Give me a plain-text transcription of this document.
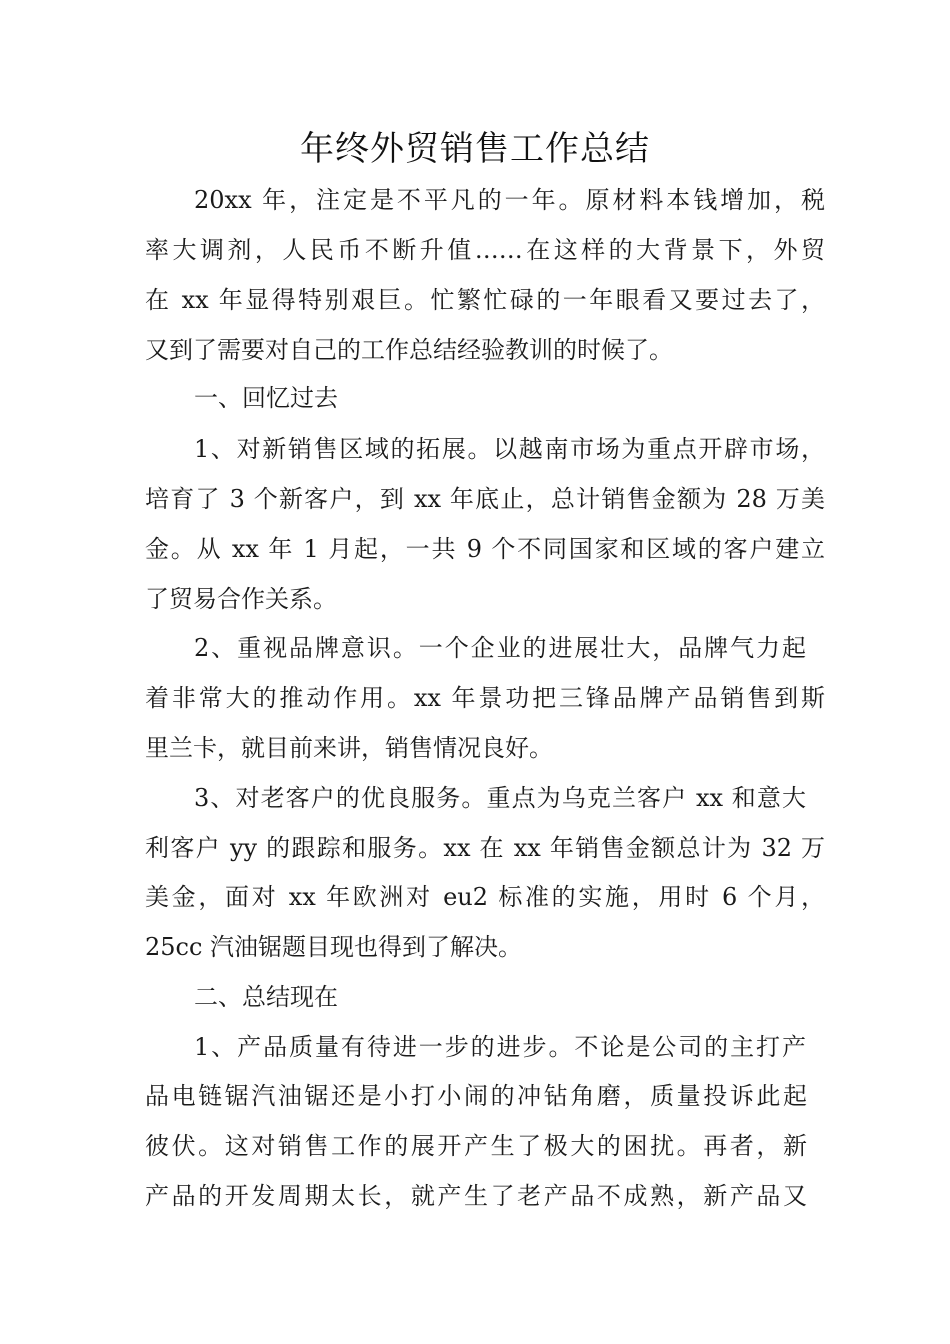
年终外贸销售工作总结
20xx 年，注定是不平凡的一年。原材料本钱增加，税
率大调剂，人民币不断升值……在这样的大背景下，外贸
在 xx 年显得特别艰巨。忙繁忙碌的一年眼看又要过去了，
又到了需要对自己的工作总结经验教训的时候了。
一、回忆过去
1、对新销售区域的拓展。以越南市场为重点开辟市场，
培育了 3 个新客户，到 xx 年底止，总计销售金额为 28 万美
金。从 xx 年 1 月起，一共 9 个不同国家和区域的客户建立
了贸易合作关系。
2、重视品牌意识。一个企业的进展壮大，品牌气力起
着非常大的推动作用。xx 年景功把三锋品牌产品销售到斯
里兰卡，就目前来讲，销售情况良好。
3、对老客户的优良服务。重点为乌克兰客户 xx 和意大
利客户 yy 的跟踪和服务。xx 在 xx 年销售金额总计为 32 万
美金，面对 xx 年欧洲对 eu2 标准的实施，用时 6 个月，
25cc 汽油锯题目现也得到了解决。
二、总结现在
1、产品质量有待进一步的进步。不论是公司的主打产
品电链锯汽油锯还是小打小闹的冲钻角磨，质量投诉此起
彼伏。这对销售工作的展开产生了极大的困扰。再者，新
产品的开发周期太长，就产生了老产品不成熟，新产品又
